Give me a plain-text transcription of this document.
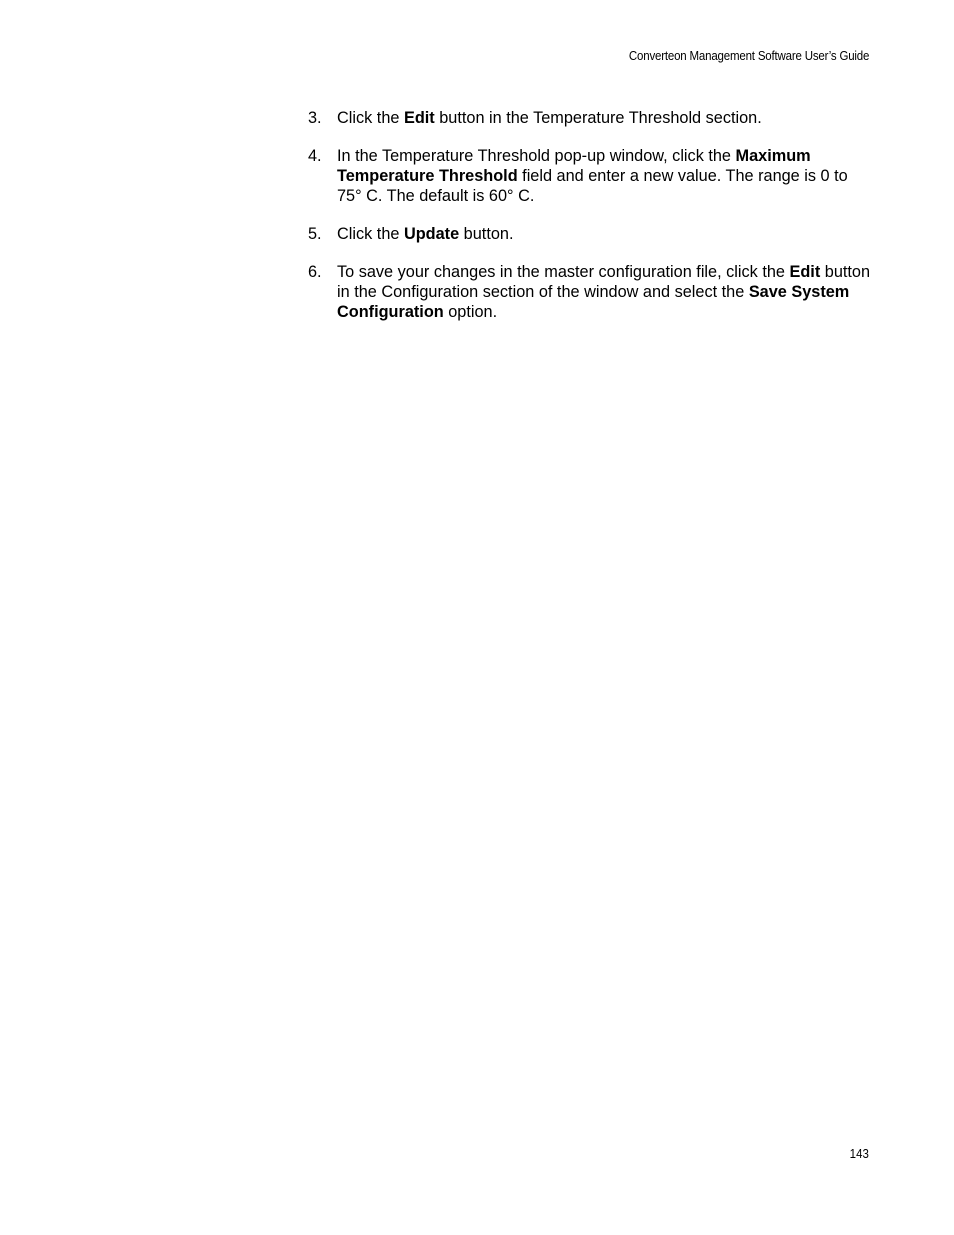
Converteon Management Software User’s Guide
3. Click the Edit button in the Temperature Threshold section.
4. In the Temperature Threshold pop-up window, click the Maximum Temperature Threshold field and enter a new value. The range is 0 to 75° C. The default is 60° C.
5. Click the Update button.
6. To save your changes in the master configuration file, click the Edit button in the Configuration section of the window and select the Save System Configuration option.
143
